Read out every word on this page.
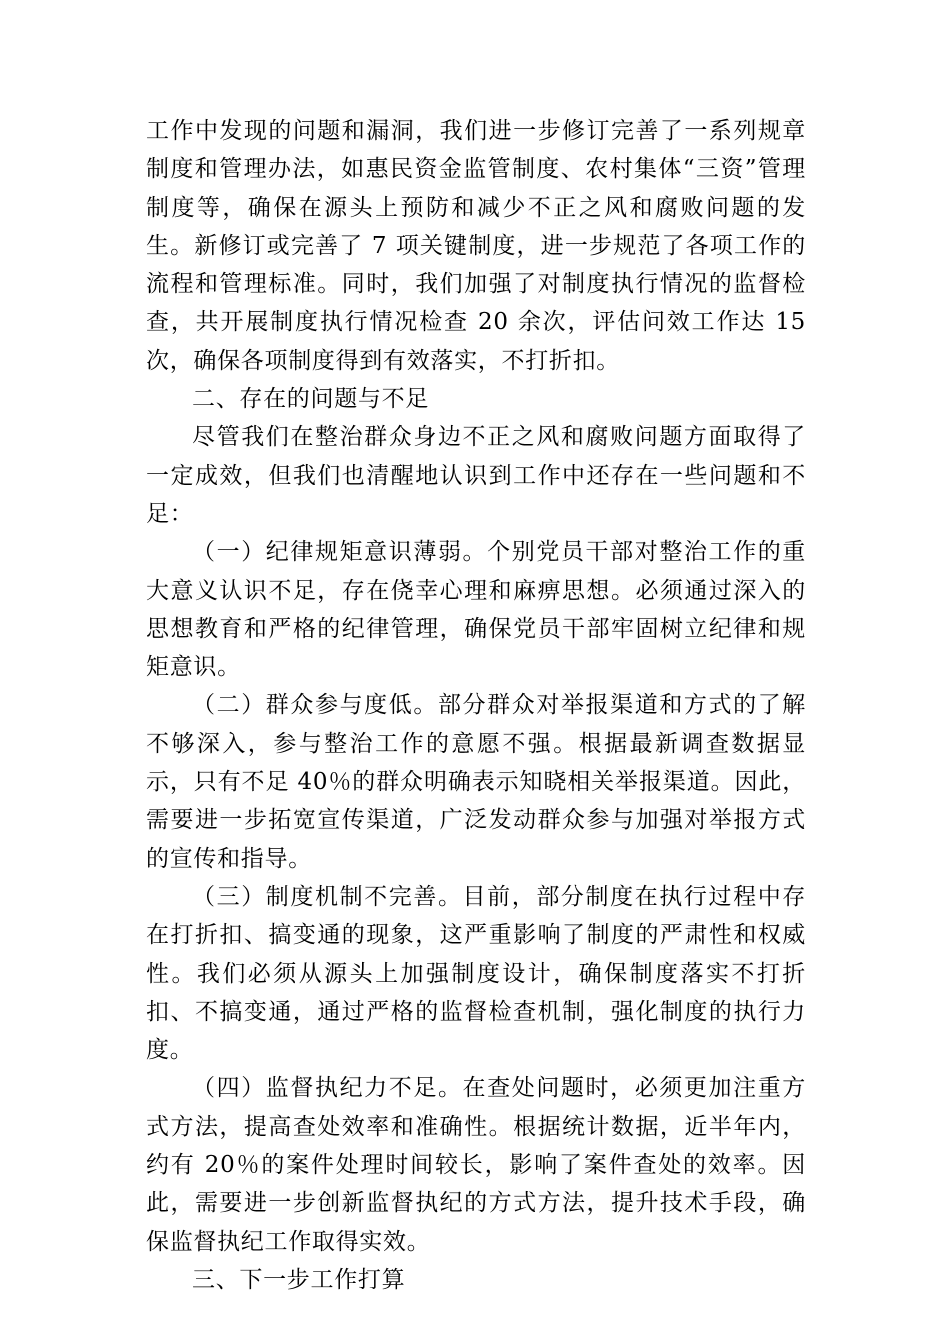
工作中发现的问题和漏洞，我们进一步修订完善了一系列规章制度和管理办法，如惠民资金监管制度、农村集体“三资”管理制度等，确保在源头上预防和减少不正之风和腐败问题的发生。新修订或完善了 7 项关键制度，进一步规范了各项工作的流程和管理标准。同时，我们加强了对制度执行情况的监督检查，共开展制度执行情况检查 20 余次，评估问效工作达 15 次，确保各项制度得到有效落实，不打折扣。

二、存在的问题与不足

尽管我们在整治群众身边不正之风和腐败问题方面取得了一定成效，但我们也清醒地认识到工作中还存在一些问题和不足：

（一）纪律规矩意识薄弱。个别党员干部对整治工作的重大意义认识不足，存在侥幸心理和麻痹思想。必须通过深入的思想教育和严格的纪律管理，确保党员干部牢固树立纪律和规矩意识。

（二）群众参与度低。部分群众对举报渠道和方式的了解不够深入，参与整治工作的意愿不强。根据最新调查数据显示，只有不足 40％的群众明确表示知晓相关举报渠道。因此，需要进一步拓宽宣传渠道，广泛发动群众参与加强对举报方式的宣传和指导。

（三）制度机制不完善。目前，部分制度在执行过程中存在打折扣、搞变通的现象，这严重影响了制度的严肃性和权威性。我们必须从源头上加强制度设计，确保制度落实不打折扣、不搞变通，通过严格的监督检查机制，强化制度的执行力度。

（四）监督执纪力不足。在查处问题时，必须更加注重方式方法，提高查处效率和准确性。根据统计数据，近半年内，约有 20％的案件处理时间较长，影响了案件查处的效率。因此，需要进一步创新监督执纪的方式方法，提升技术手段，确保监督执纪工作取得实效。

三、下一步工作打算
